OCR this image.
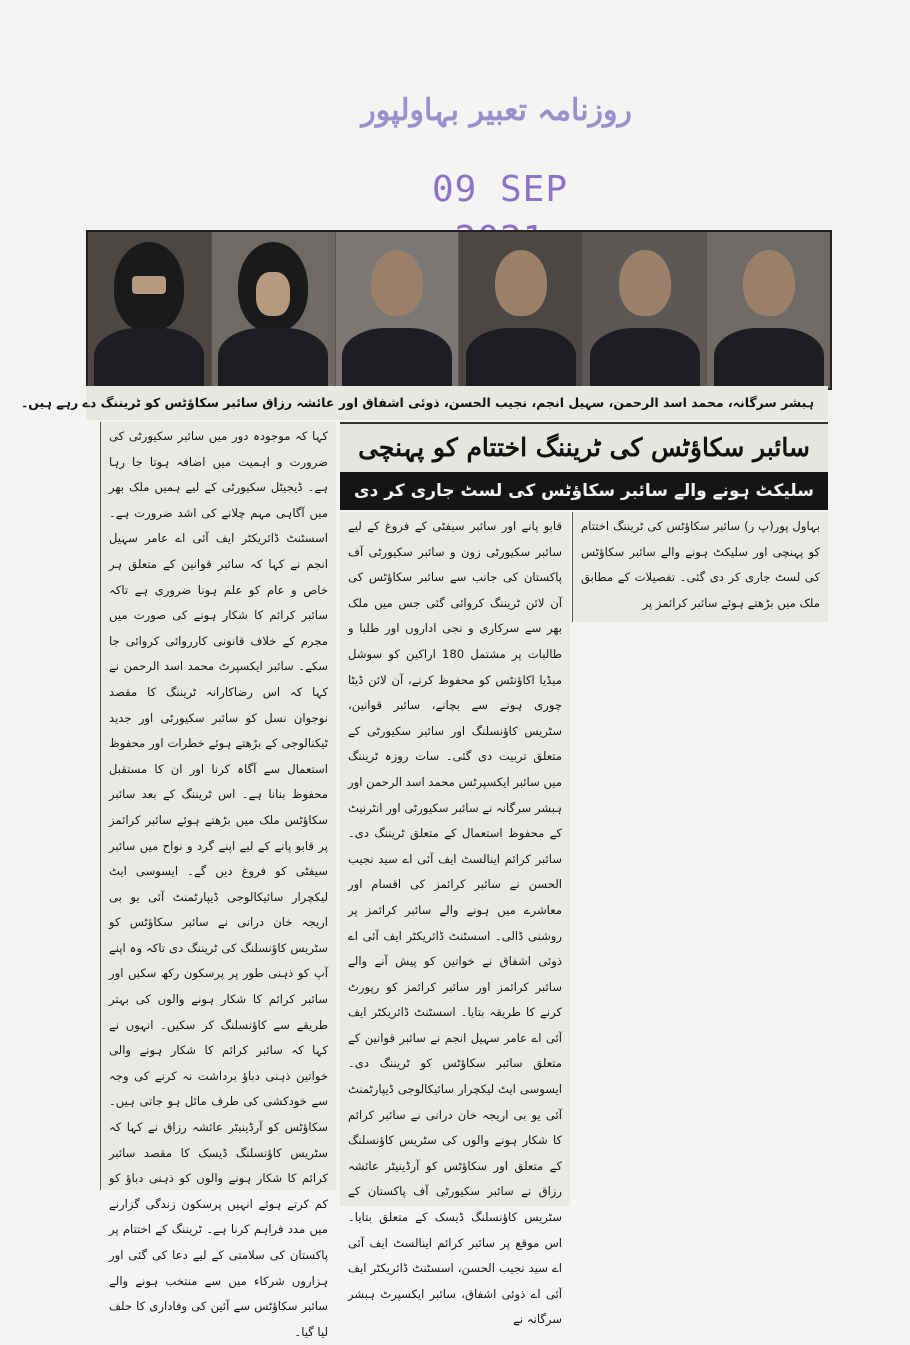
روزنامہ تعبیر بہاولپور
09 SEP
ہبشر سرگانہ، محمد اسد الرحمن، سہیل انجم، نجیب الحسن، ذوئی اشفاق اور عائشہ رزاق سائبر سکاؤٹس کو ٹریننگ دے رہے ہیں۔
سائبر سکاؤٹس کی ٹریننگ اختتام کو پہنچی
سلیکٹ ہونے والے سائبر سکاؤٹس کی لسٹ جاری کر دی
بہاول پور(پ ر) سائبر سکاؤٹس کی ٹریننگ اختتام کو پہنچی اور سلیکٹ ہونے والے سائبر سکاؤٹس کی لسٹ جاری کر دی گئی۔ تفصیلات کے مطابق ملک میں بڑھتے ہوئے سائبر کرائمز پر
قابو پانے اور سائبر سیفٹی کے فروغ کے لیے سائبر سکیورٹی زون و سائبر سکیورٹی آف پاکستان کی جانب سے سائبر سکاؤٹس کی آن لائن ٹریننگ کروائی گئی جس میں ملک بھر سے سرکاری و نجی اداروں اور طلبا و طالبات پر مشتمل 180 اراکین کو سوشل میڈیا اکاؤنٹس کو محفوظ کرنے، آن لائن ڈیٹا چوری ہونے سے بچانے، سائبر قوانین، سٹریس کاؤنسلنگ اور سائبر سکیورٹی کے متعلق تربیت دی گئی۔ سات روزہ ٹریننگ میں سائبر ایکسپرٹس محمد اسد الرحمن اور ہبشر سرگانہ نے سائبر سکیورٹی اور انٹرنیٹ کے محفوظ استعمال کے متعلق ٹریننگ دی۔ سائبر کرائم اینالسٹ ایف آئی اے سید نجیب الحسن نے سائبر کرائمز کی اقسام اور معاشرے میں ہونے والے سائبر کرائمز پر روشنی ڈالی۔ اسسٹنٹ ڈائریکٹر ایف آئی اے ذوئی اشفاق نے خواتین کو پیش آنے والے سائبر کرائمز اور سائبر کرائمز کو رپورٹ کرنے کا طریقہ بتایا۔ اسسٹنٹ ڈائریکٹر ایف آئی اے عامر سہیل انجم نے سائبر قوانین کے متعلق سائبر سکاؤٹس کو ٹریننگ دی۔ ایسوسی ایٹ لیکچرار سائیکالوجی ڈیپارٹمنٹ آئی یو بی اریجہ خان درانی نے سائبر کرائم کا شکار ہونے والوں کی سٹریس کاؤنسلنگ کے متعلق اور سکاؤٹس کو آرڈینیٹر عائشہ رزاق نے سائبر سکیورٹی آف پاکستان کے سٹریس کاؤنسلنگ ڈیسک کے متعلق بتایا۔ اس موقع پر سائبر کرائم اینالسٹ ایف آئی اے سید نجیب الحسن، اسسٹنٹ ڈائریکٹر ایف آئی اے ذوئی اشفاق، سائبر ایکسپرٹ ہبشر سرگانہ نے
کہا کہ موجودہ دور میں سائبر سکیورٹی کی ضرورت و اہمیت میں اضافہ ہوتا جا رہا ہے۔ ڈیجیٹل سکیورٹی کے لیے ہمیں ملک بھر میں آگاہی مہم چلانے کی اشد ضرورت ہے۔ اسسٹنٹ ڈائریکٹر ایف آئی اے عامر سہیل انجم نے کہا کہ سائبر قوانین کے متعلق ہر خاص و عام کو علم ہونا ضروری ہے تاکہ سائبر کرائم کا شکار ہونے کی صورت میں مجرم کے خلاف قانونی کارروائی کروائی جا سکے۔ سائبر ایکسپرٹ محمد اسد الرحمن نے کہا کہ اس رضاکارانہ ٹریننگ کا مقصد نوجوان نسل کو سائبر سکیورٹی اور جدید ٹیکنالوجی کے بڑھتے ہوئے خطرات اور محفوظ استعمال سے آگاہ کرنا اور ان کا مستقبل محفوظ بنانا ہے۔ اس ٹریننگ کے بعد سائبر سکاؤٹس ملک میں بڑھتے ہوئے سائبر کرائمز پر قابو پانے کے لیے اپنے گرد و نواح میں سائبر سیفٹی کو فروغ دیں گے۔ ایسوسی ایٹ لیکچرار سائیکالوجی ڈیپارٹمنٹ آئی یو بی اریجہ خان درانی نے سائبر سکاؤٹس کو سٹریس کاؤنسلنگ کی ٹریننگ دی تاکہ وہ اپنے آپ کو ذہنی طور پر پرسکون رکھ سکیں اور سائبر کرائم کا شکار ہونے والوں کی بہتر طریقے سے کاؤنسلنگ کر سکیں۔ انہوں نے کہا کہ سائبر کرائم کا شکار ہونے والی خواتین ذہنی دباؤ برداشت نہ کرنے کی وجہ سے خودکشی کی طرف مائل ہو جاتی ہیں۔ سکاؤٹس کو آرڈینیٹر عائشہ رزاق نے کہا کہ سٹریس کاؤنسلنگ ڈیسک کا مقصد سائبر کرائم کا شکار ہونے والوں کو ذہنی دباؤ کو کم کرتے ہوئے انہیں پرسکون زندگی گزارنے میں مدد فراہم کرنا ہے۔ ٹریننگ کے اختتام پر پاکستان کی سلامتی کے لیے دعا کی گئی اور ہزاروں شرکاء میں سے منتخب ہونے والے سائبر سکاؤٹس سے آئین کی وفاداری کا حلف لیا گیا۔
